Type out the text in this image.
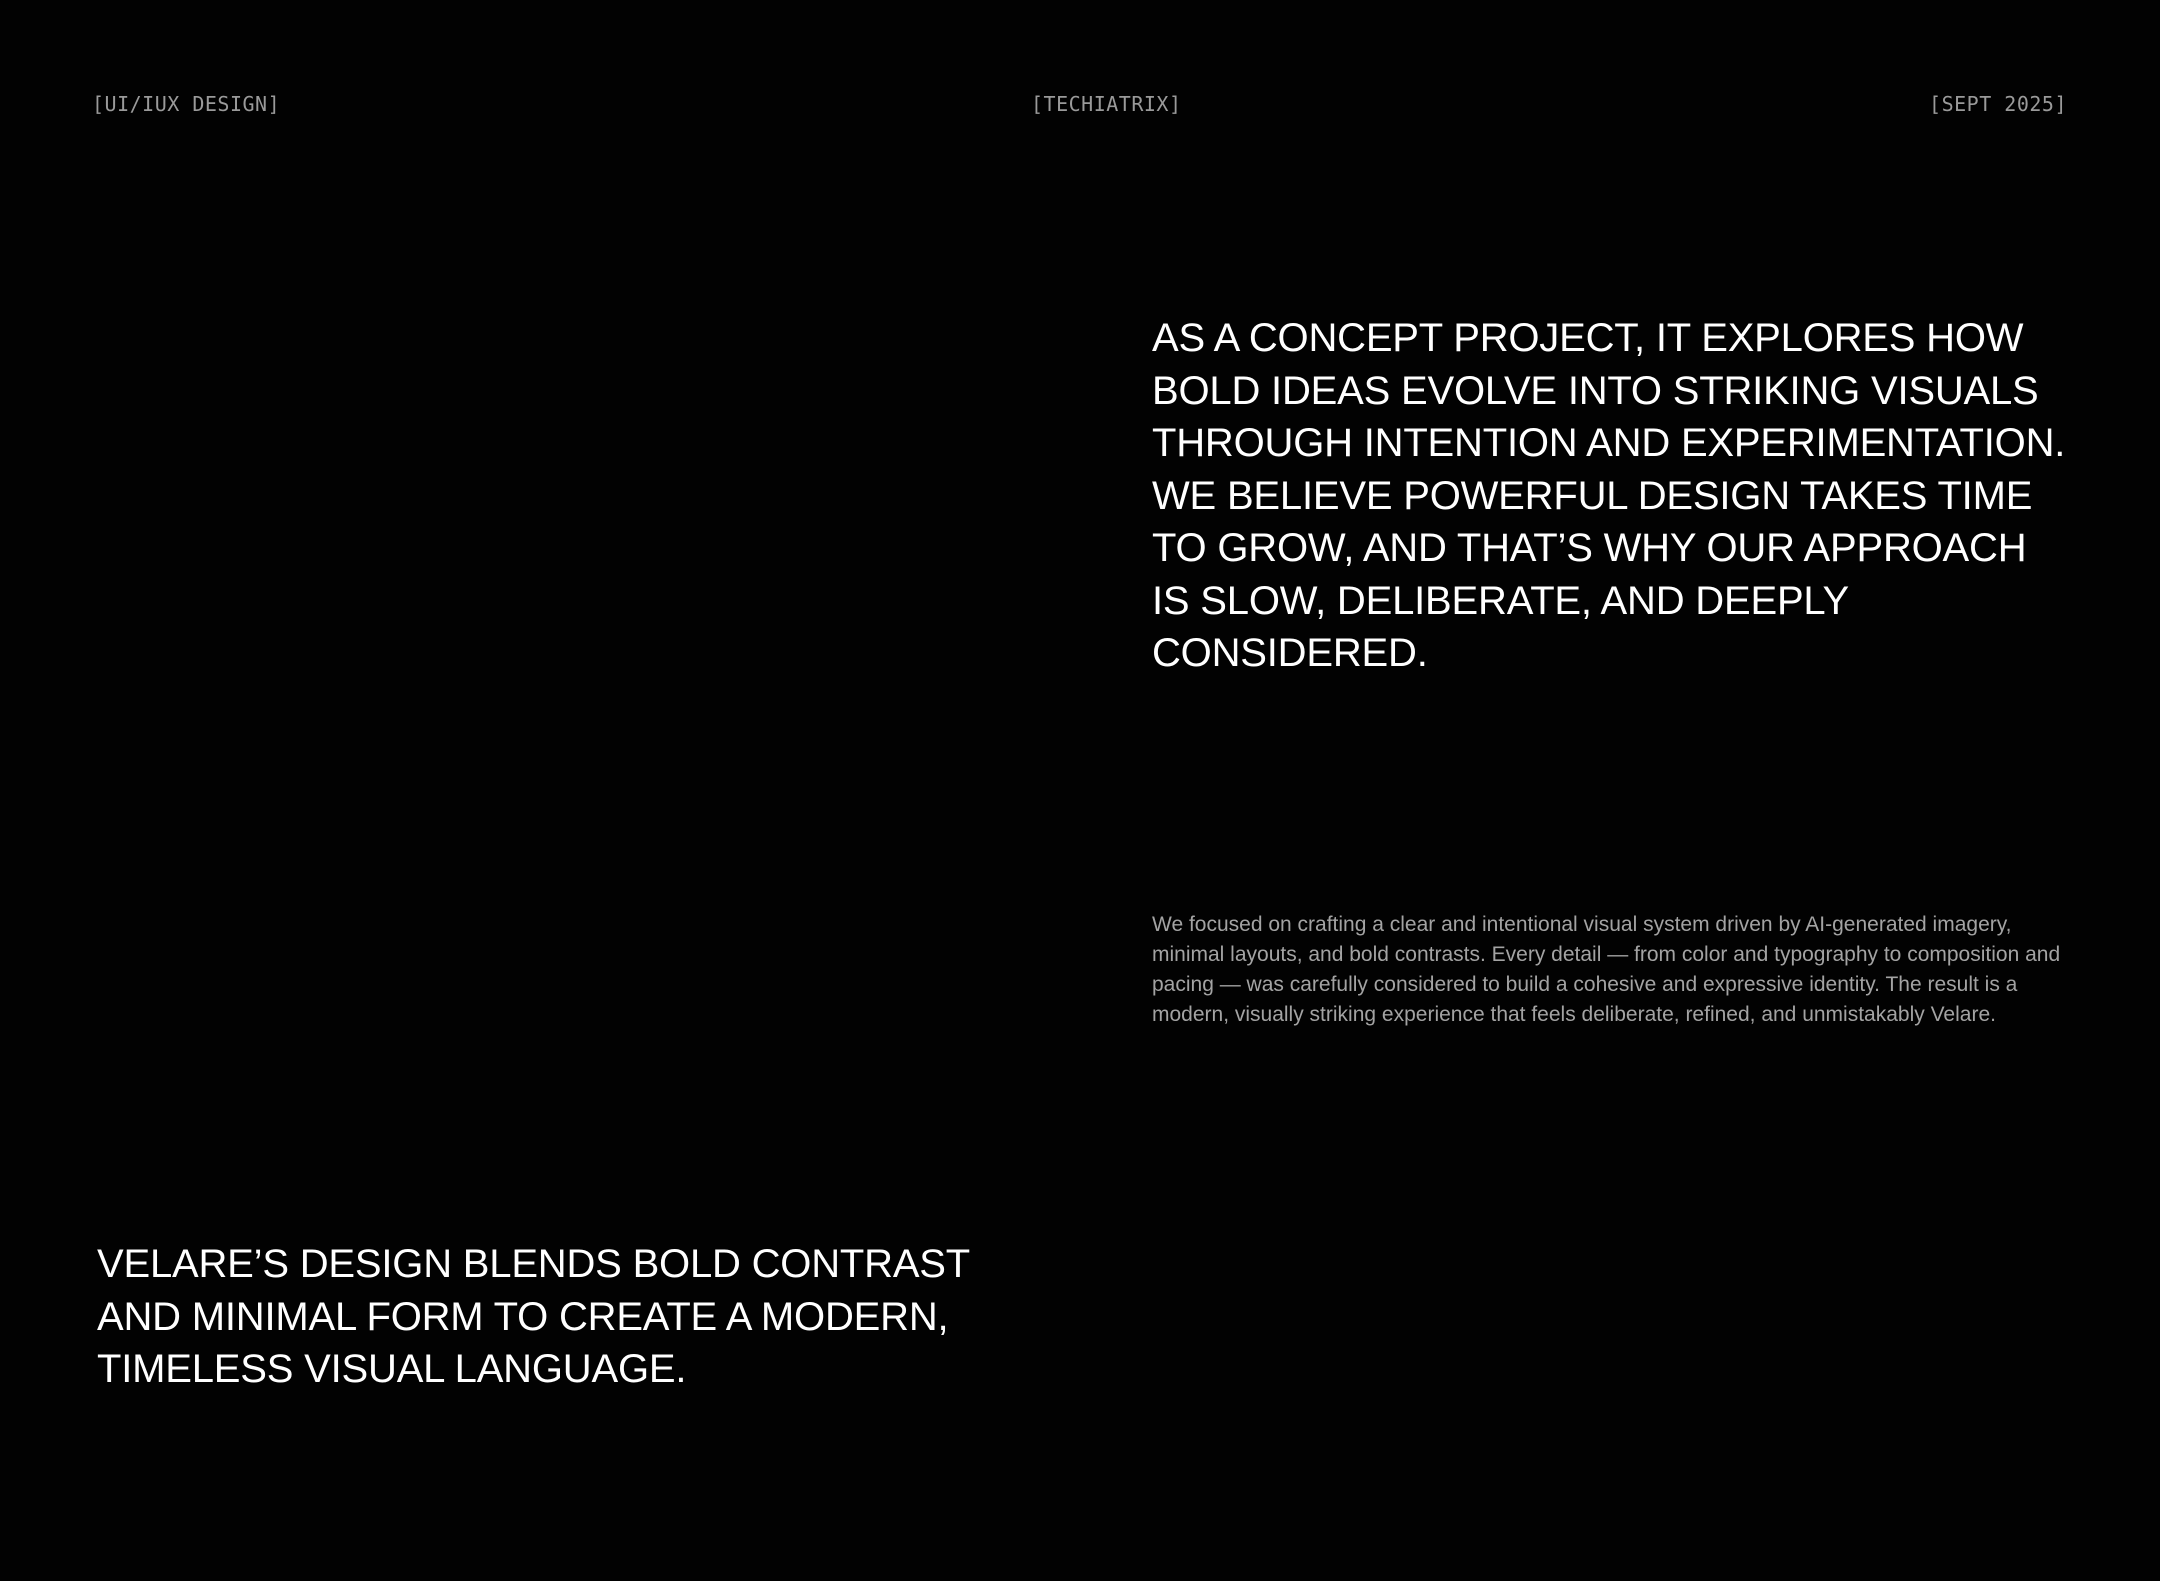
[UI/IUX DESIGN]	[TECHIATRIX]	[SEPT 2025]

AS A CONCEPT PROJECT, IT EXPLORES HOW BOLD IDEAS EVOLVE INTO STRIKING VISUALS THROUGH INTENTION AND EXPERIMENTATION. WE BELIEVE POWERFUL DESIGN TAKES TIME TO GROW, AND THAT’S WHY OUR APPROACH IS SLOW, DELIBERATE, AND DEEPLY CONSIDERED.

We focused on crafting a clear and intentional visual system driven by AI-generated imagery, minimal layouts, and bold contrasts. Every detail — from color and typography to composition and pacing — was carefully considered to build a cohesive and expressive identity. The result is a modern, visually striking experience that feels deliberate, refined, and unmistakably Velare.

VELARE’S DESIGN BLENDS BOLD CONTRAST AND MINIMAL FORM TO CREATE A MODERN, TIMELESS VISUAL LANGUAGE.
